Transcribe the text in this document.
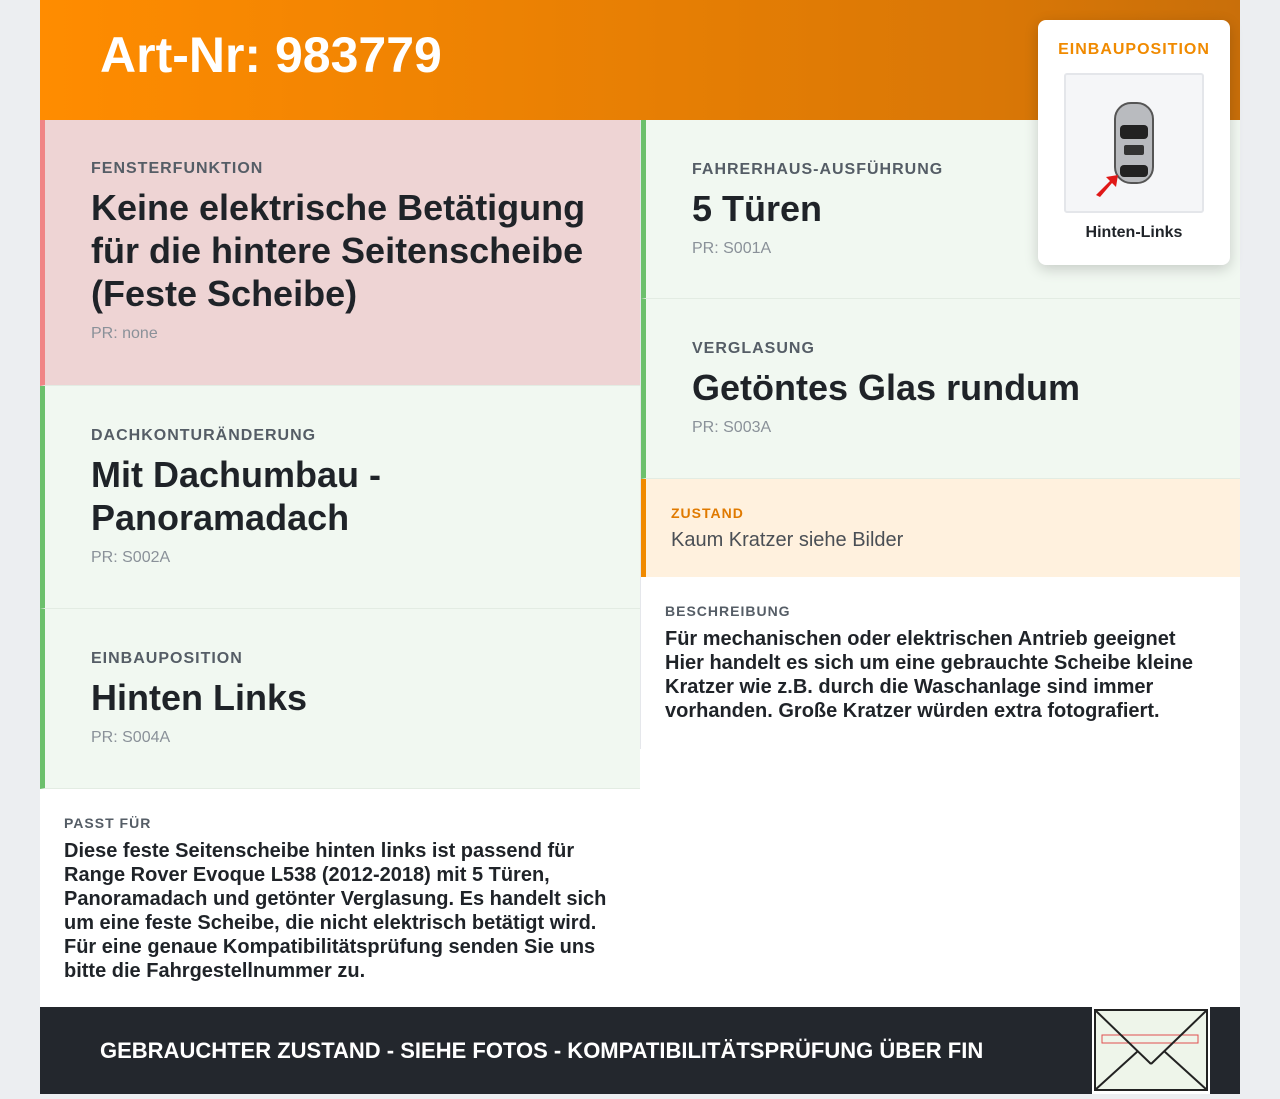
Art-Nr: 983779
FENSTERFUNKTION
Keine elektrische Betätigung für die hintere Seitenscheibe (Feste Scheibe)
PR: none
DACHKONTURÄNDERUNG
Mit Dachumbau - Panoramadach
PR: S002A
EINBAUPOSITION
Hinten Links
PR: S004A
PASST FÜR
Diese feste Seitenscheibe hinten links ist passend für Range Rover Evoque L538 (2012-2018) mit 5 Türen, Panoramadach und getönter Verglasung. Es handelt sich um eine feste Scheibe, die nicht elektrisch betätigt wird. Für eine genaue Kompatibilitätsprüfung senden Sie uns bitte die Fahrgestellnummer zu.
FAHRERHAUS-AUSFÜHRUNG
5 Türen
PR: S001A
VERGLASUNG
Getöntes Glas rundum
PR: S003A
ZUSTAND
Kaum Kratzer siehe Bilder
BESCHREIBUNG
Für mechanischen oder elektrischen Antrieb geeignet Hier handelt es sich um eine gebrauchte Scheibe kleine Kratzer wie z.B. durch die Waschanlage sind immer vorhanden. Große Kratzer würden extra fotografiert.
EINBAUPOSITION
Hinten-Links
GEBRAUCHTER ZUSTAND - SIEHE FOTOS - KOMPATIBILITÄTSPRÜFUNG ÜBER FIN
